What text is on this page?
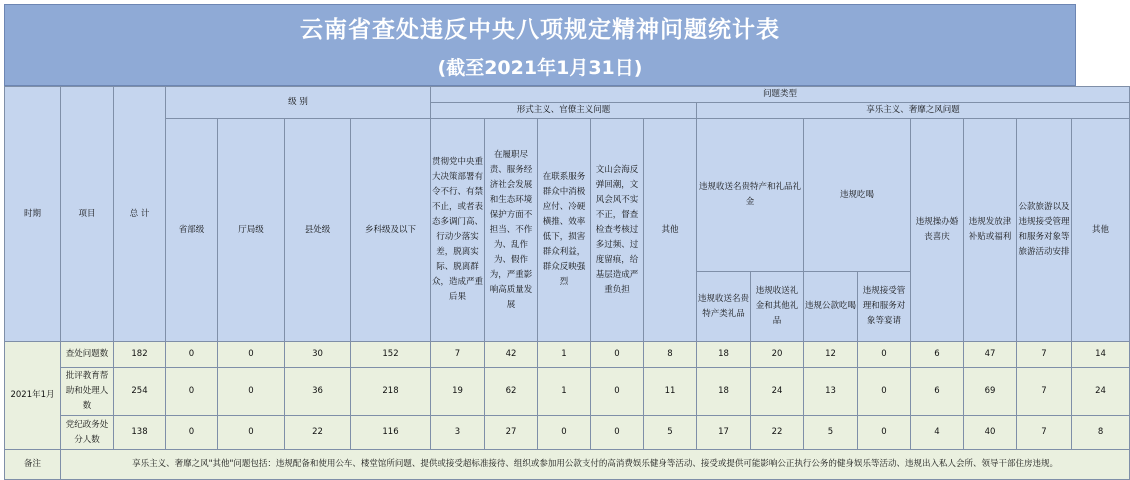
云南省查处违反中央八项规定精神问题统计表
(截至2021年1月31日)
时期	项目	总 计	级 别				问题类型												
							形式主义、官僚主义问题					享乐主义、奢靡之风问题							
			省部级	厅局级	县处级	乡科级及以下	贯彻党中央重大决策部署有令不行、有禁不止，或者表态多调门高、行动少落实差，脱离实际、脱离群众，造成严重后果	在履职尽责、服务经济社会发展和生态环境保护方面不担当、不作为、乱作为、假作为，严重影响高质量发展	在联系服务群众中消极应付、冷硬横推、效率低下，损害群众利益，群众反映强烈	文山会海反弹回潮，文风会风不实不正，督查检查考核过多过频、过度留痕，给基层造成严重负担	其他	违规收送名贵特产和礼品礼金		违规吃喝		违规操办婚丧喜庆	违规发放津补贴或福利	公款旅游以及违规接受管理和服务对象等旅游活动安排	其他
												违规收送名贵特产类礼品	违规收送礼金和其他礼品	违规公款吃喝	违规接受管理和服务对象等宴请				
2021年1月	查处问题数	182	0	0	30	152	7	42	1	0	8	18	20	12	0	6	47	7	14
	批评教育帮助和处理人数	254	0	0	36	218	19	62	1	0	11	18	24	13	0	6	69	7	24
	党纪政务处分人数	138	0	0	22	116	3	27	0	0	5	17	22	5	0	4	40	7	8
备注	享乐主义、奢靡之风"其他"问题包括：违规配备和使用公车、楼堂馆所问题、提供或接受超标准接待、组织或参加用公款支付的高消费娱乐健身等活动、接受或提供可能影响公正执行公务的健身娱乐等活动、违规出入私人会所、领导干部住房违规。																		
